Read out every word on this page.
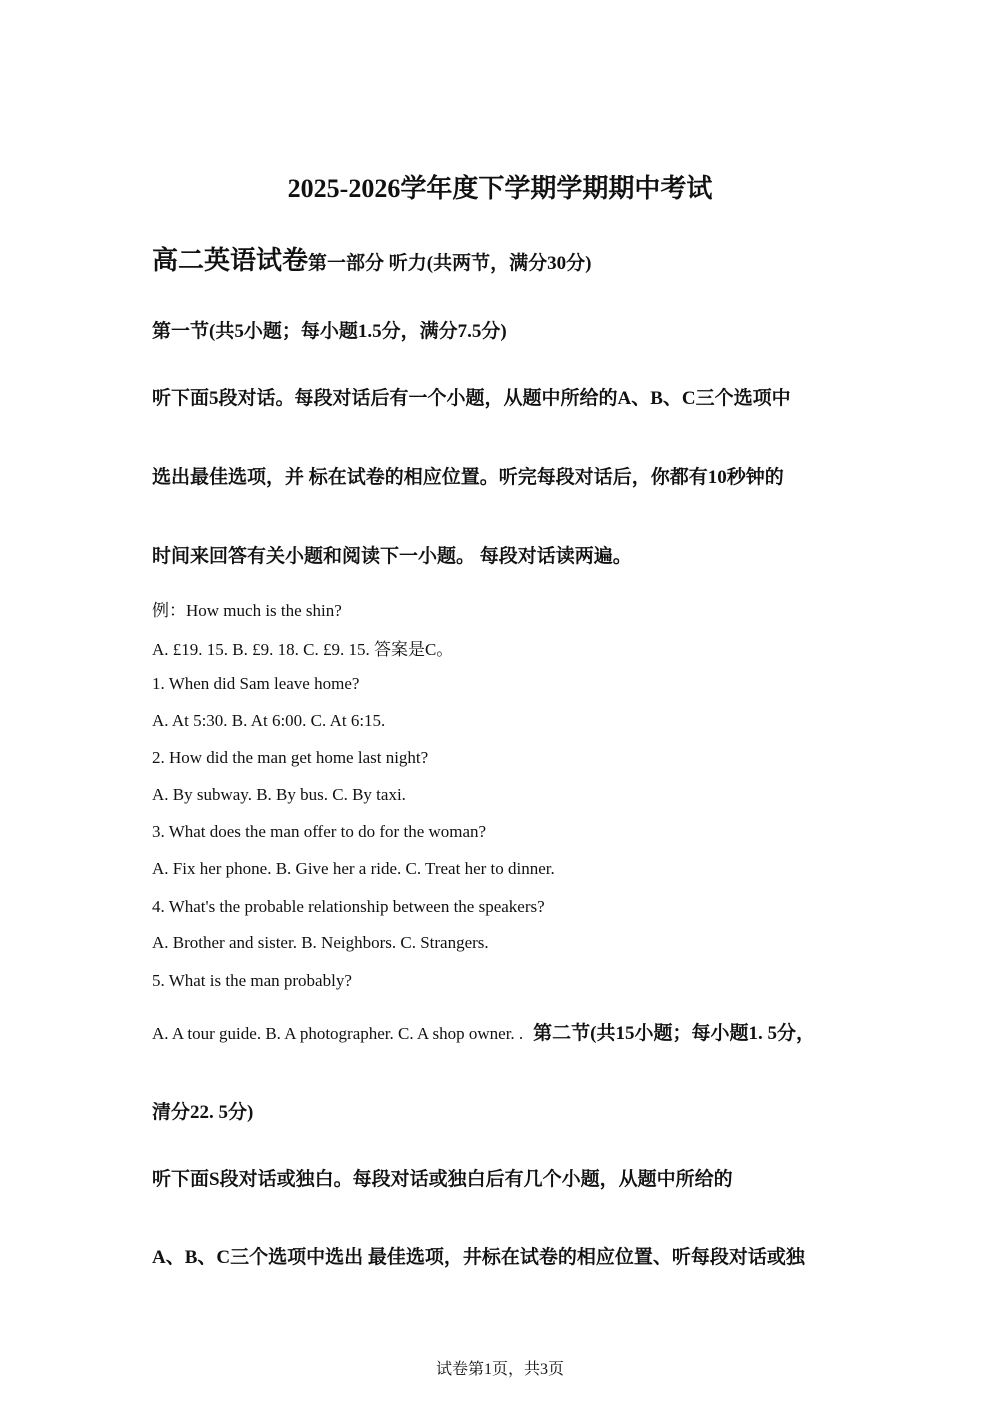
2025-2026学年度下学期学期期中考试
高二英语试卷第一部分 听力(共两节，满分30分)
第一节(共5小题；每小题1.5分，满分7.5分)
听下面5段对话。每段对话后有一个小题，从题中所给的A、B、C三个选项中
选出最佳选项，并 标在试卷的相应位置。听完每段对话后，你都有10秒钟的
时间来回答有关小题和阅读下一小题。 每段对话读两遍。
例：How much is the shin?
A. £19. 15. B. £9. 18. C. £9. 15. 答案是C。
1. When did Sam leave home?
A. At 5:30. B. At 6:00. C. At 6:15.
2. How did the man get home last night?
A. By subway. B. By bus. C. By taxi.
3. What does the man offer to do for the woman?
A. Fix her phone. B. Give her a ride. C. Treat her to dinner.
4. What's the probable relationship between the speakers?
A. Brother and sister. B. Neighbors. C. Strangers.
5. What is the man probably?
A. A tour guide. B. A photographer. C. A shop owner. . 第二节(共15小题；每小题1. 5分，
清分22. 5分)
听下面S段对话或独白。每段对话或独白后有几个小题，从题中所给的
A、B、C三个选项中选出 最佳选项，井标在试卷的相应位置、听每段对话或独
试卷第1页，共3页
